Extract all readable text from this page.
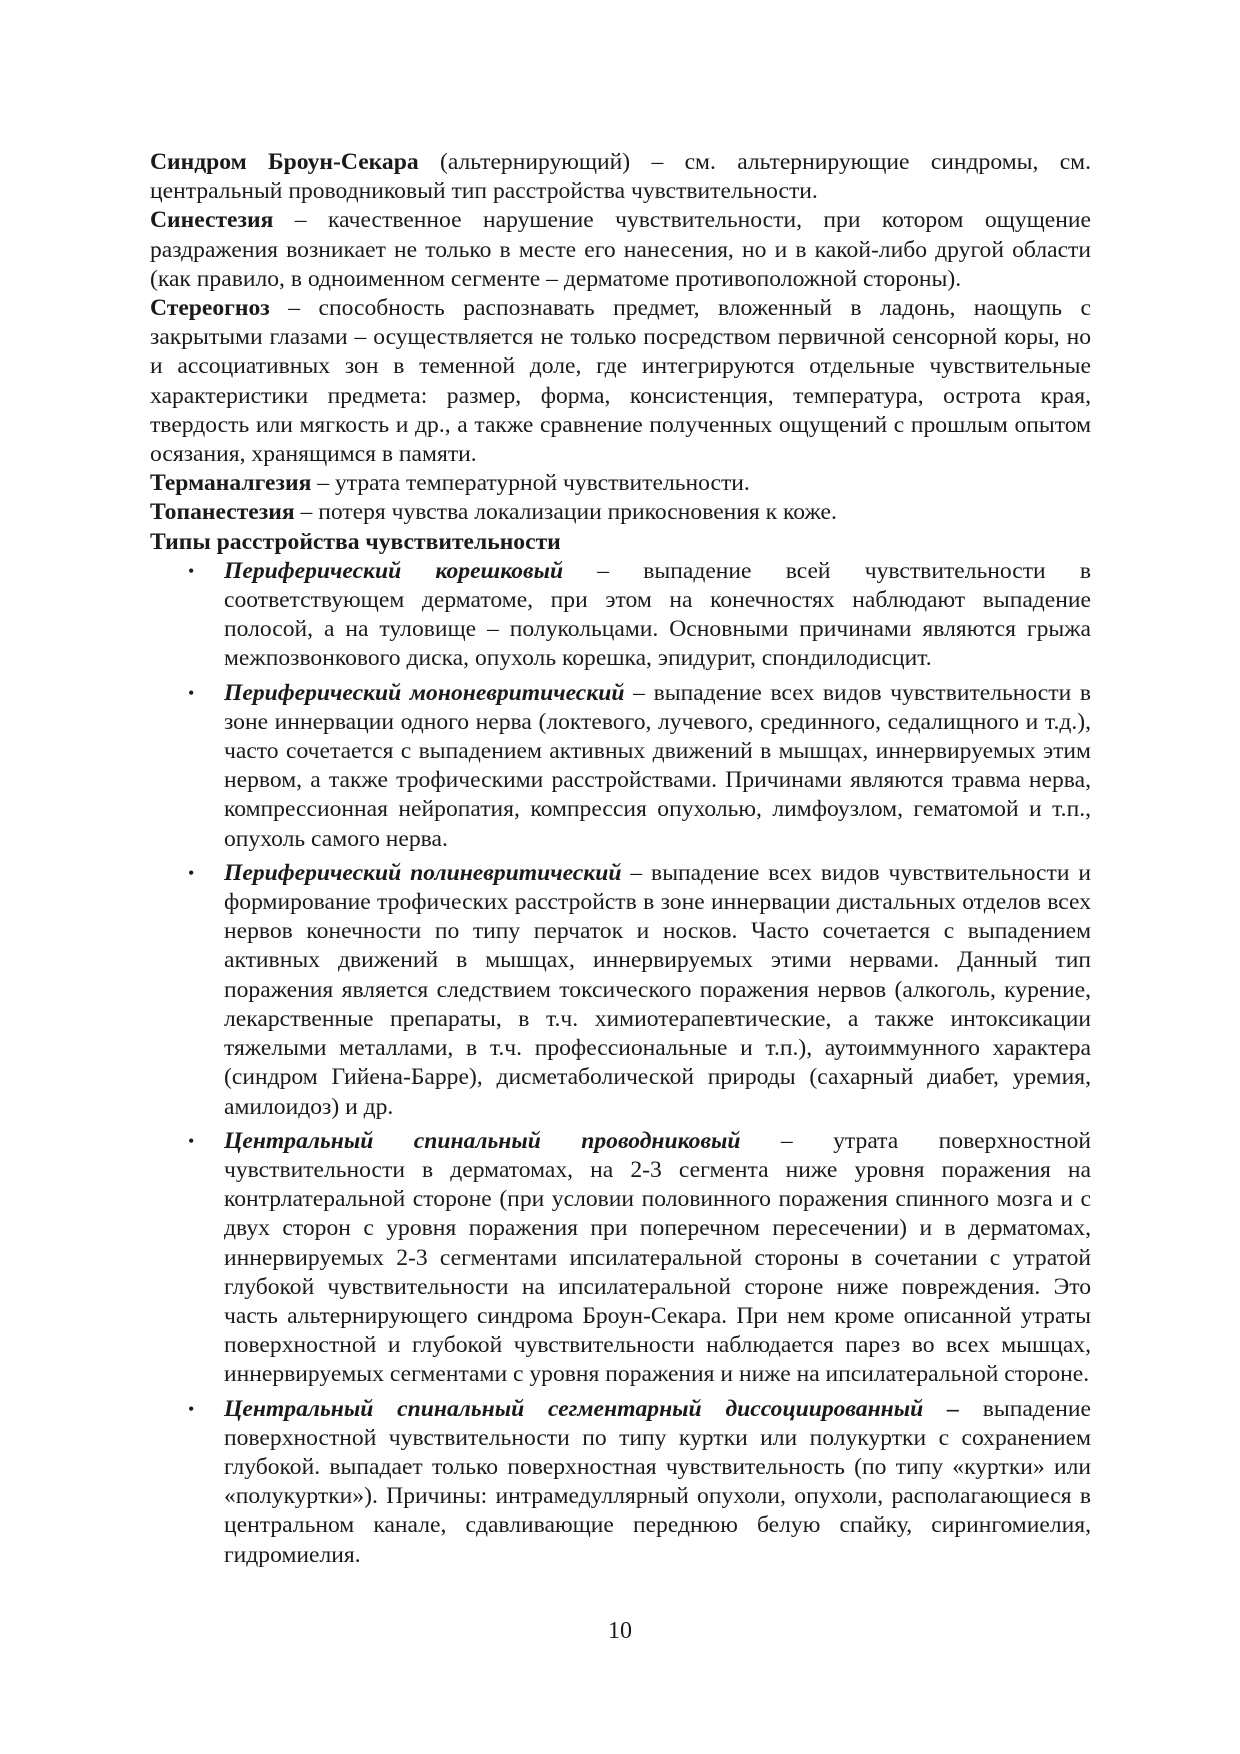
Синдром Броун-Секара (альтернирующий) – см. альтернирующие синдромы, см. центральный проводниковый тип расстройства чувствительности.

Синестезия – качественное нарушение чувствительности, при котором ощущение раздражения возникает не только в месте его нанесения, но и в какой-либо другой области (как правило, в одноименном сегменте – дерматоме противоположной стороны).

Стереогноз – способность распознавать предмет, вложенный в ладонь, наощупь с закрытыми глазами – осуществляется не только посредством первичной сенсорной коры, но и ассоциативных зон в теменной доле, где интегрируются отдельные чувствительные характеристики предмета: размер, форма, консистенция, температура, острота края, твердость или мягкость и др., а также сравнение полученных ощущений с прошлым опытом осязания, хранящимся в памяти.

Терманалгезия – утрата температурной чувствительности.

Топанестезия – потеря чувства локализации прикосновения к коже.

Типы расстройства чувствительности

• Периферический корешковый – выпадение всей чувствительности в соответствующем дерматоме, при этом на конечностях наблюдают выпадение полосой, а на туловище – полукольцами. Основными причинами являются грыжа межпозвонкового диска, опухоль корешка, эпидурит, спондилодисцит.
• Периферический мононевритический – выпадение всех видов чувствительности в зоне иннервации одного нерва (локтевого, лучевого, срединного, седалищного и т.д.), часто сочетается с выпадением активных движений в мышцах, иннервируемых этим нервом, а также трофическими расстройствами. Причинами являются травма нерва, компрессионная нейропатия, компрессия опухолью, лимфоузлом, гематомой и т.п., опухоль самого нерва.
• Периферический полиневритический – выпадение всех видов чувствительности и формирование трофических расстройств в зоне иннервации дистальных отделов всех нервов конечности по типу перчаток и носков. Часто сочетается с выпадением активных движений в мышцах, иннервируемых этими нервами. Данный тип поражения является следствием токсического поражения нервов (алкоголь, курение, лекарственные препараты, в т.ч. химиотерапевтические, а также интоксикации тяжелыми металлами, в т.ч. профессиональные и т.п.), аутоиммунного характера (синдром Гийена-Барре), дисметаболической природы (сахарный диабет, уремия, амилоидоз) и др.
• Центральный спинальный проводниковый – утрата поверхностной чувствительности в дерматомах, на 2-3 сегмента ниже уровня поражения на контрлатеральной стороне (при условии половинного поражения спинного мозга и с двух сторон с уровня поражения при поперечном пересечении) и в дерматомах, иннервируемых 2-3 сегментами ипсилатеральной стороны в сочетании с утратой глубокой чувствительности на ипсилатеральной стороне ниже повреждения. Это часть альтернирующего синдрома Броун-Секара. При нем кроме описанной утраты поверхностной и глубокой чувствительности наблюдается парез во всех мышцах, иннервируемых сегментами с уровня поражения и ниже на ипсилатеральной стороне.
• Центральный спинальный сегментарный диссоциированный – выпадение поверхностной чувствительности по типу куртки или полукуртки с сохранением глубокой. выпадает только поверхностная чувствительность (по типу «куртки» или «полукуртки»). Причины: интрамедуллярный опухоли, опухоли, располагающиеся в центральном канале, сдавливающие переднюю белую спайку, сирингомиелия, гидромиелия.
10
